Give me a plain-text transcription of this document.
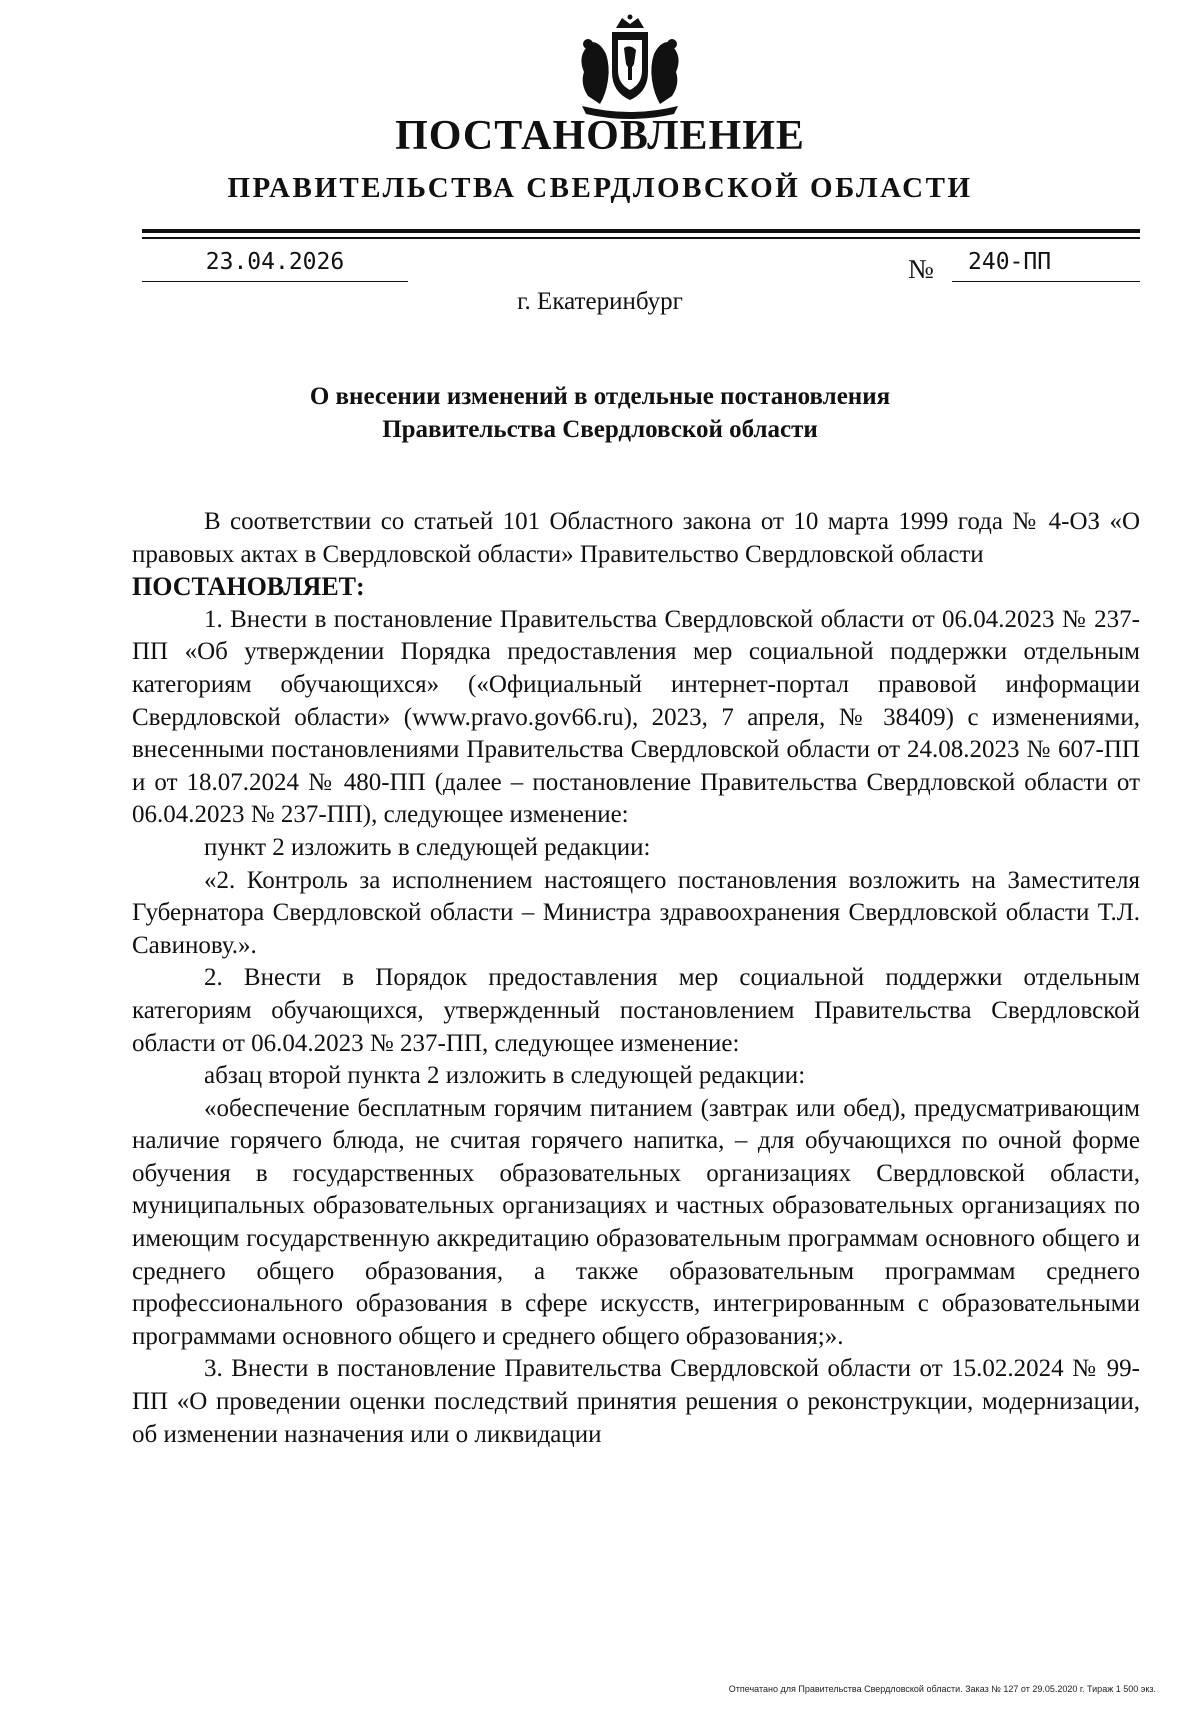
ПОСТАНОВЛЕНИЕ
ПРАВИТЕЛЬСТВА СВЕРДЛОВСКОЙ ОБЛАСТИ
23.04.2026	№	240-ПП
г. Екатеринбург
О внесении изменений в отдельные постановления
Правительства Свердловской области

В соответствии со статьей 101 Областного закона от 10 марта 1999 года № 4-ОЗ «О правовых актах в Свердловской области» Правительство Свердловской области

ПОСТАНОВЛЯЕТ:

1. Внести в постановление Правительства Свердловской области от 06.04.2023 № 237-ПП «Об утверждении Порядка предоставления мер социальной поддержки отдельным категориям обучающихся» («Официальный интернет-портал правовой информации Свердловской области» (www.pravo.gov66.ru), 2023, 7 апреля, № 38409) с изменениями, внесенными постановлениями Правительства Свердловской области от 24.08.2023 № 607-ПП и от 18.07.2024 № 480-ПП (далее – постановление Правительства Свердловской области от 06.04.2023 № 237-ПП), следующее изменение:

пункт 2 изложить в следующей редакции:

«2. Контроль за исполнением настоящего постановления возложить на Заместителя Губернатора Свердловской области – Министра здравоохранения Свердловской области Т.Л. Савинову.».

2. Внести в Порядок предоставления мер социальной поддержки отдельным категориям обучающихся, утвержденный постановлением Правительства Свердловской области от 06.04.2023 № 237-ПП, следующее изменение:

абзац второй пункта 2 изложить в следующей редакции:

«обеспечение бесплатным горячим питанием (завтрак или обед), предусматривающим наличие горячего блюда, не считая горячего напитка, – для обучающихся по очной форме обучения в государственных образовательных организациях Свердловской области, муниципальных образовательных организациях и частных образовательных организациях по имеющим государственную аккредитацию образовательным программам основного общего и среднего общего образования, а также образовательным программам среднего профессионального образования в сфере искусств, интегрированным с образовательными программами основного общего и среднего общего образования;».

3. Внести в постановление Правительства Свердловской области от 15.02.2024 № 99-ПП «О проведении оценки последствий принятия решения о реконструкции, модернизации, об изменении назначения или о ликвидации

Отпечатано для Правительства Свердловской области. Заказ № 127 от 29.05.2020 г. Тираж 1 500 экз.
